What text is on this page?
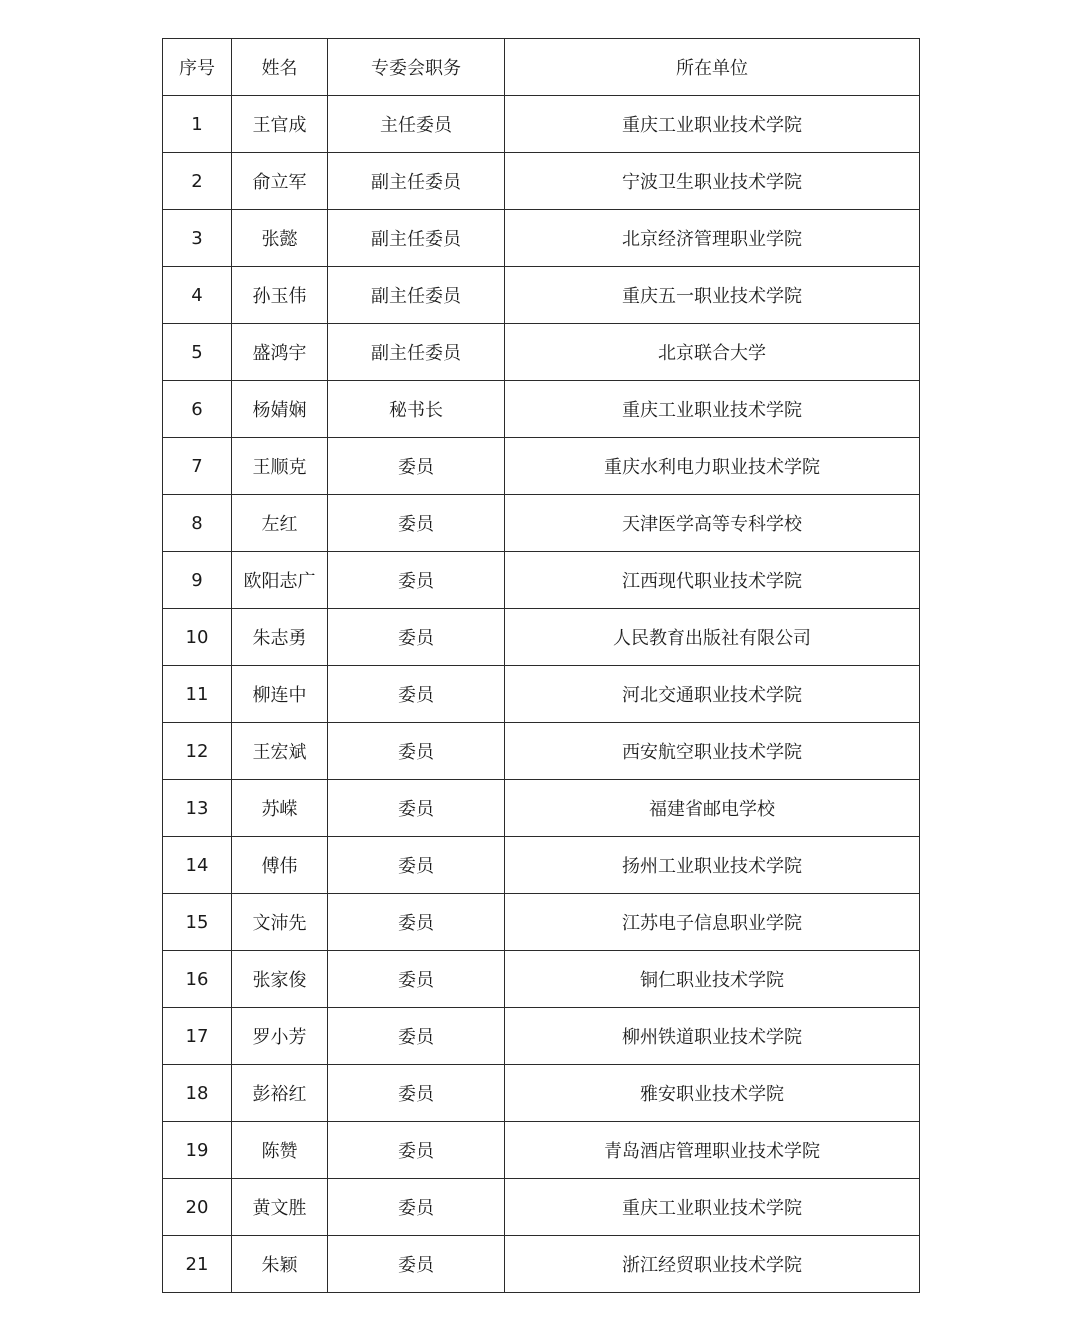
序号	姓名	专委会职务	所在单位
1	王官成	主任委员	重庆工业职业技术学院
2	俞立军	副主任委员	宁波卫生职业技术学院
3	张懿	副主任委员	北京经济管理职业学院
4	孙玉伟	副主任委员	重庆五一职业技术学院
5	盛鸿宇	副主任委员	北京联合大学
6	杨婧娴	秘书长	重庆工业职业技术学院
7	王顺克	委员	重庆水利电力职业技术学院
8	左红	委员	天津医学高等专科学校
9	欧阳志广	委员	江西现代职业技术学院
10	朱志勇	委员	人民教育出版社有限公司
11	柳连中	委员	河北交通职业技术学院
12	王宏斌	委员	西安航空职业技术学院
13	苏嵘	委员	福建省邮电学校
14	傅伟	委员	扬州工业职业技术学院
15	文沛先	委员	江苏电子信息职业学院
16	张家俊	委员	铜仁职业技术学院
17	罗小芳	委员	柳州铁道职业技术学院
18	彭裕红	委员	雅安职业技术学院
19	陈赞	委员	青岛酒店管理职业技术学院
20	黄文胜	委员	重庆工业职业技术学院
21	朱颖	委员	浙江经贸职业技术学院
